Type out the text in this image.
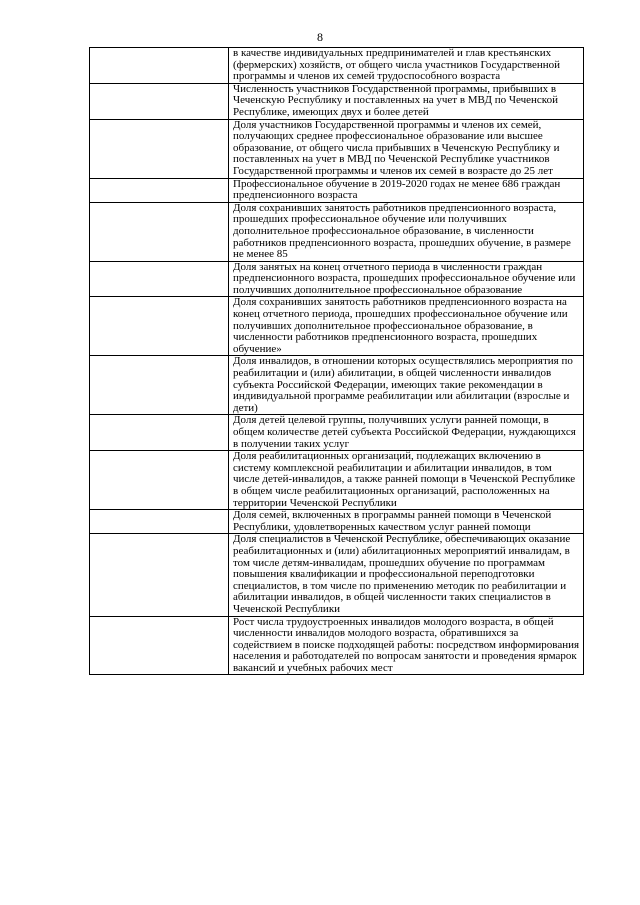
8
	в качестве индивидуальных предпринимателей и глав крестьянских (фермерских) хозяйств, от общего числа участников Государственной программы и членов их семей трудоспособного возраста
	Численность участников Государственной программы, прибывших в Чеченскую Республику и поставленных на учет в МВД по Чеченской Республике, имеющих двух и более детей
	Доля участников Государственной программы и членов их семей, получающих среднее профессиональное образование или высшее образование, от общего числа прибывших в Чеченскую Республику и поставленных на учет в МВД по Чеченской Республике участников Государственной программы и членов их семей в возрасте до 25 лет
	Профессиональное обучение в 2019-2020 годах не менее 686 граждан предпенсионного возраста
	Доля сохранивших занятость работников предпенсионного возраста, прошедших профессиональное обучение или получивших дополнительное профессиональное образование, в численности работников предпенсионного возраста, прошедших обучение, в размере не менее 85
	Доля занятых на конец отчетного периода в численности граждан предпенсионного возраста, прошедших профессиональное обучение или получивших дополнительное профессиональное образование
	Доля сохранивших занятость работников предпенсионного возраста на конец отчетного периода, прошедших профессиональное обучение или получивших дополнительное профессиональное образование, в численности работников предпенсионного возраста, прошедших обучение»
	Доля инвалидов, в отношении которых осуществлялись мероприятия по реабилитации и (или) абилитации, в общей численности инвалидов субъекта Российской Федерации, имеющих такие рекомендации в индивидуальной программе реабилитации или абилитации (взрослые и дети)
	Доля детей целевой группы, получивших услуги ранней помощи, в общем количестве детей субъекта Российской Федерации, нуждающихся в получении таких услуг
	Доля реабилитационных организаций, подлежащих включению в систему комплексной реабилитации и абилитации инвалидов, в том числе детей-инвалидов, а также ранней помощи в Чеченской Республике в общем числе реабилитационных организаций, расположенных на территории Чеченской Республики
	Доля семей, включенных в программы ранней помощи в Чеченской Республики, удовлетворенных качеством услуг ранней помощи
	Доля специалистов в Чеченской Республике, обеспечивающих оказание реабилитационных и (или) абилитационных мероприятий инвалидам, в том числе детям-инвалидам, прошедших обучение по программам повышения квалификации и профессиональной переподготовки специалистов, в том числе по применению методик по реабилитации и абилитации инвалидов, в общей численности таких специалистов в Чеченской Республики
	Рост числа трудоустроенных инвалидов молодого возраста, в общей численности инвалидов молодого возраста, обратившихся за содействием в поиске подходящей работы: посредством информирования населения и работодателей по вопросам занятости и проведения ярмарок вакансий и учебных рабочих мест
